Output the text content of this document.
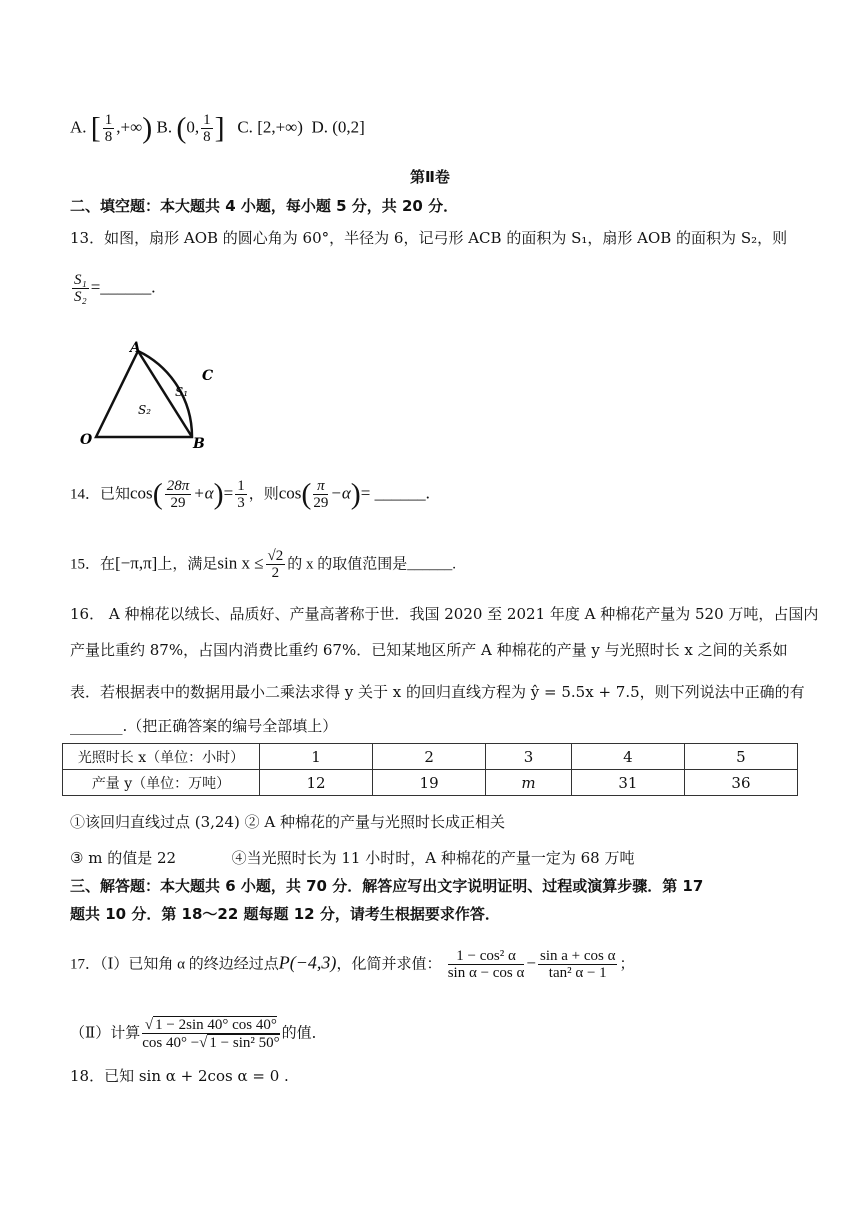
A. [ $\frac{1}{8}$ ,+∞) B. (0, $\frac{1}{8}$ ] C. [2,+∞) D. (0,2]
第Ⅱ卷
二、填空题：本大题共 4 小题，每小题 5 分，共 20 分．
13．如图，扇形 AOB 的圆心角为 60°，半径为 6，记弓形 ACB 的面积为 S₁，扇形 AOB 的面积为 S₂，则
$\frac{\text{S₁}}{\text{S₂}}$ =______.
A
O	B
C
S₁
S₂
14．已知$\cos( \frac{28\pi}{29} +\alpha)= \frac{1}{3}$ ，则$\cos( \frac{\pi}{29} -\alpha)=$ ______.
15．在[−π,π]上，满足$\sin x \le \frac{√2}{2}$ 的 x 的取值范围是______.
16． A 种棉花以绒长、品质好、产量高著称于世．我国 2020 至 2021 年度 A 种棉花产量为 520 万吨，占国内
产量比重约 87%，占国内消费比重约 67%．已知某地区所产 A 种棉花的产量 y 与光照时长 x 之间的关系如
表．若根据表中的数据用最小二乘法求得 y 关于 x 的回归直线方程为 ŷ = 5.5x + 7.5，则下列说法中正确的有
_______.（把正确答案的编号全部填上）
光照时长 x（单位：小时）	1	2	3	4	5
产量 y（单位：万吨）	12	19	m	31	36
①该回归直线过点 (3,24) ② A 种棉花的产量与光照时长成正相关
③ m 的值是 22	④当光照时长为 11 小时时，A 种棉花的产量一定为 68 万吨
三、解答题：本大题共 6 小题，共 70 分．解答应写出文字说明证明、过程或演算步骤．第 17
题共 10 分．第 18～22 题每题 12 分，请考生根据要求作答．
17．（Ⅰ）已知角 α 的终边经过点P(−4,3)，化简并求值： $\frac{\text{1 − cos² α}}{\text{sin α − cos α}} - \frac{\text{sin a + cos α}}{\text{tan² α − 1}}$ ；
（Ⅱ）计算 $\frac{√ 1 - 2\sin 40^\circ \cos 40^\circ}{\text{cos 40° −√ 1 − sin² 50°}}$ 的值．
18．已知 sin α + 2cos α = 0 .
